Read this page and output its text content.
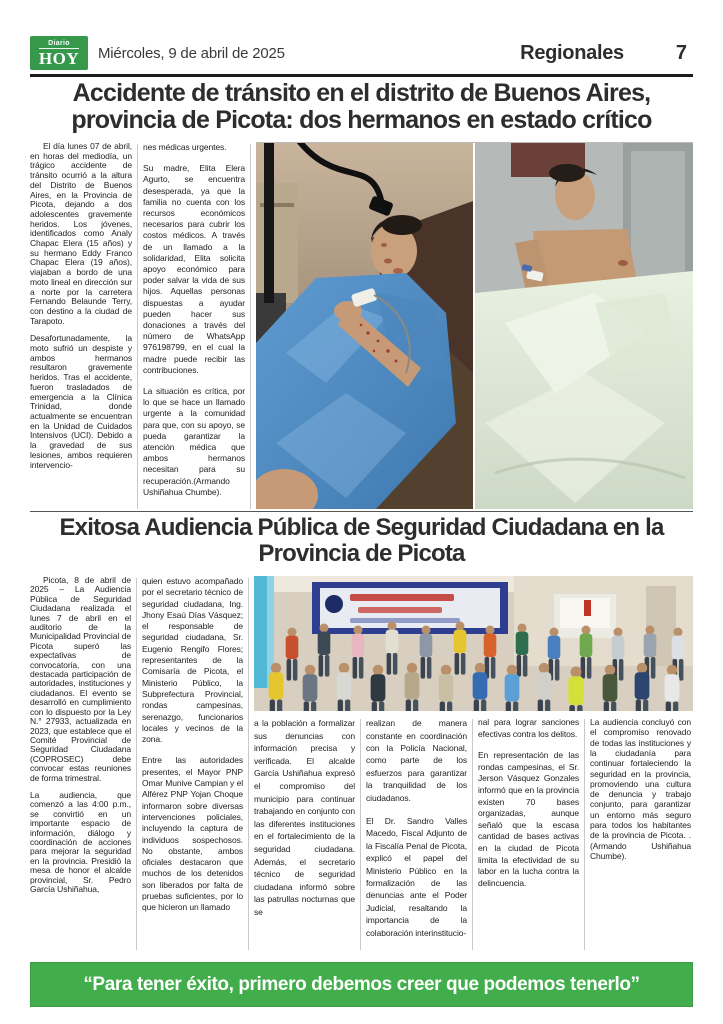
Diario
HOY Miércoles, 9 de abril de 2025	Regionales	7
Accidente de tránsito en el distrito de Buenos Aires, provincia de Picota: dos hermanos en estado crítico

El día lunes 07 de abril, en horas del mediodía, un trágico accidente de tránsito ocurrió a la altura del Distrito de Buenos Aires, en la Provincia de Picota, dejando a dos adolescentes gravemente heridos. Los jóvenes, identificados como Analy Chapac Elera (15 años) y su hermano Eddy Franco Chapac Elera (19 años), viajaban a bordo de una moto lineal en dirección sur a norte por la carretera Fernando Belaunde Terry, con destino a la ciudad de Tarapoto.

Desafortunadamente, la moto sufrió un despiste y ambos hermanos resultaron gravemente heridos. Tras el accidente, fueron trasladados de emergencia a la Clínica Trinidad, donde actualmente se encuentran en la Unidad de Cuidados Intensivos (UCI). Debido a la gravedad de sus lesiones, ambos requieren intervencio-

nes médicas urgentes.

Su madre, Elita Elera Agurto, se encuentra desesperada, ya que la familia no cuenta con los recursos económicos necesarios para cubrir los costos médicos. A través de un llamado a la solidaridad, Elita solicita apoyo económico para poder salvar la vida de sus hijos. Aquellas personas dispuestas a ayudar pueden hacer sus donaciones a través del número de WhatsApp 976198799, en el cual la madre puede recibir las contribuciones.

La situación es crítica, por lo que se hace un llamado urgente a la comunidad para que, con su apoyo, se pueda garantizar la atención médica que ambos hermanos necesitan para su recuperación.(Armando Ushiñahua Chumbe).

Exitosa Audiencia Pública de Seguridad Ciudadana en la Provincia de Picota

Picota, 8 de abril de 2025 – La Audiencia Pública de Seguridad Ciudadana realizada el lunes 7 de abril en el auditorio de la Municipalidad Provincial de Picota superó las expectativas de convocatoria, con una destacada participación de autoridades, instituciones y ciudadanos. El evento se desarrolló en cumplimiento con lo dispuesto por la Ley N.° 27933, actualizada en 2023, que establece que el Comité Provincial de Seguridad Ciudadana (COPROSEC) debe convocar estas reuniones de forma trimestral.

La audiencia, que comenzó a las 4:00 p.m., se convirtió en un importante espacio de información, diálogo y coordinación de acciones para mejorar la seguridad en la provincia. Presidió la mesa de honor el alcalde provincial, Sr. Pedro García Ushiñahua,

quien estuvo acompañado por el secretario técnico de seguridad ciudadana, Ing. Jhony Esaú Días Vásquez; el responsable de seguridad ciudadana, Sr. Eugenio Rengifo Flores; representantes de la Comisaría de Picota, el Ministerio Público, la Subprefectura Provincial, rondas campesinas, serenazgo, funcionarios locales y vecinos de la zona.

Entre las autoridades presentes, el Mayor PNP Omar Munive Campian y el Alférez PNP Yojan Choque informaron sobre diversas intervenciones policiales, incluyendo la captura de individuos sospechosos. No obstante, ambos oficiales destacaron que muchos de los detenidos son liberados por falta de pruebas suficientes, por lo que hicieron un llamado

a la población a formalizar sus denuncias con información precisa y verificada. El alcalde García Ushiñahua expresó el compromiso del municipio para continuar trabajando en conjunto con las diferentes instituciones en el fortalecimiento de la seguridad ciudadana. Además, el secretario técnico de seguridad ciudadana informó sobre las patrullas nocturnas que se

realizan de manera constante en coordinación con la Policía Nacional, como parte de los esfuerzos para garantizar la tranquilidad de los ciudadanos.

El Dr. Sandro Valles Macedo, Fiscal Adjunto de la Fiscalía Penal de Picota, explicó el papel del Ministerio Público en la formalización de las denuncias ante el Poder Judicial, resaltando la importancia de la colaboración interinstitucio-

nal para lograr sanciones efectivas contra los delitos.

En representación de las rondas campesinas, el Sr. Jerson Vásquez Gonzales informó que en la provincia existen 70 bases organizadas, aunque señaló que la escasa cantidad de bases activas en la ciudad de Picota limita la efectividad de su labor en la lucha contra la delincuencia.

La audiencia concluyó con el compromiso renovado de todas las instituciones y la ciudadanía para continuar fortaleciendo la seguridad en la provincia, promoviendo una cultura de denuncia y trabajo conjunto, para garantizar un entorno más seguro para todos los habitantes de la provincia de Picota. . (Armando Ushiñahua Chumbe).

“Para tener éxito, primero debemos creer que podemos tenerlo”
